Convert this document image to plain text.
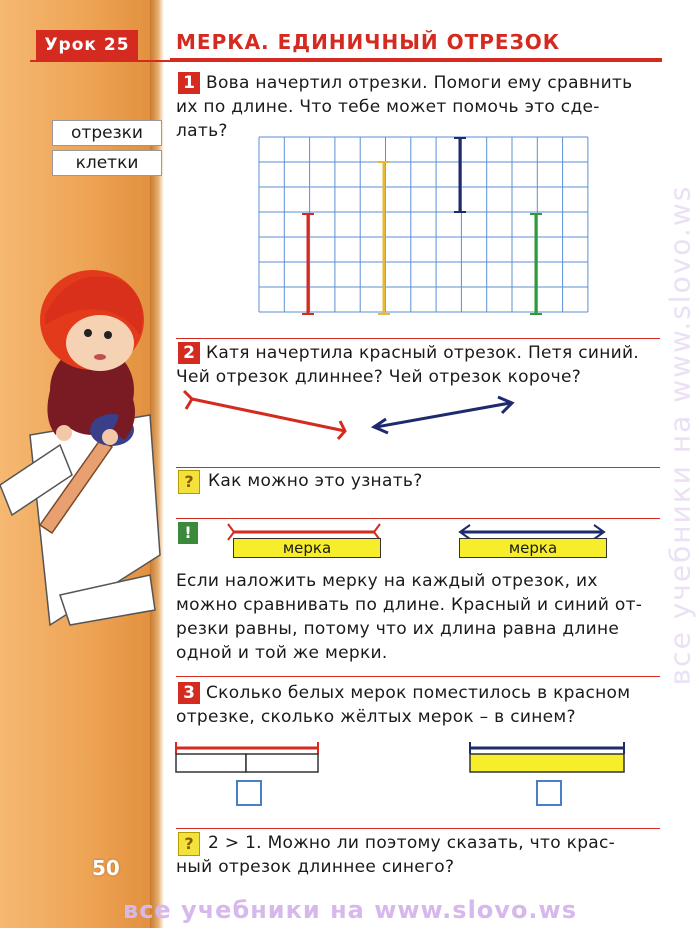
Урок 25	МЕРКА. ЕДИНИЧНЫЙ ОТРЕЗОК
отрезки
клетки
1 Вова начертил отрезки. Помоги ему сравнить
их по длине. Что тебе может помочь это сде-
лать?
2 Катя начертила красный отрезок. Петя синий.
Чей отрезок длиннее? Чей отрезок короче?
? Как можно это узнать?
!
мерка	мерка
Если наложить мерку на каждый отрезок, их
можно сравнивать по длине. Красный и синий от-
резки равны, потому что их длина равна длине
одной и той же мерки.
3 Сколько белых мерок поместилось в красном
отрезке, сколько жёлтых мерок – в синем?
? 2 > 1. Можно ли поэтому сказать, что крас-
ный отрезок длиннее синего?
50
все учебники на www.slovo.ws
все учебники на www.slovo.ws
